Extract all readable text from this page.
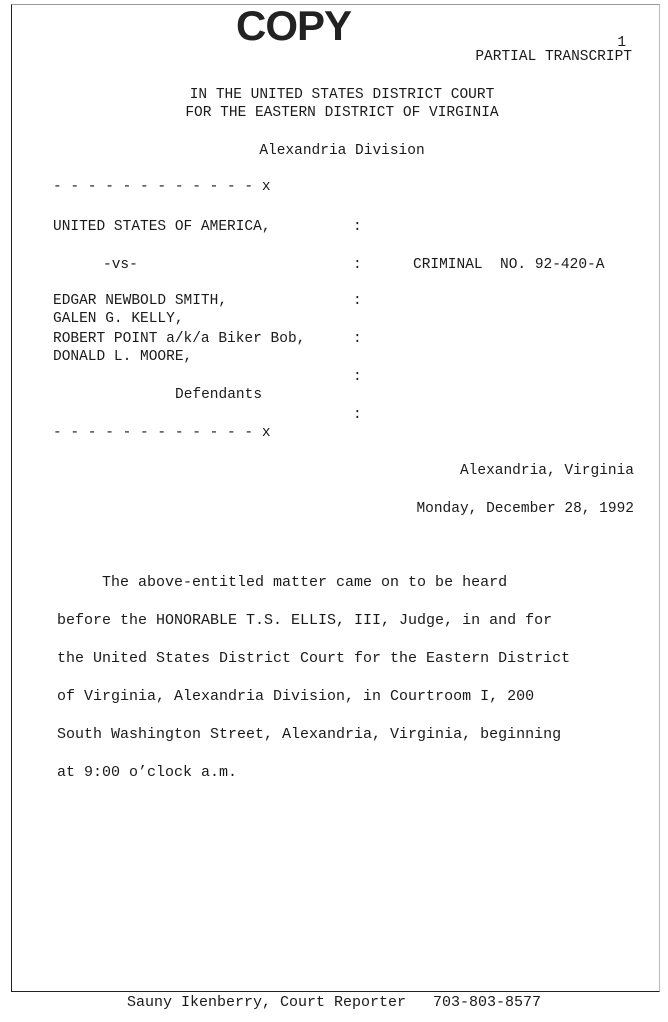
COPY	1

PARTIAL TRANSCRIPT
IN THE UNITED STATES DISTRICT COURT
FOR THE EASTERN DISTRICT OF VIRGINIA
Alexandria Division
- - - - - - - - - - - - x
UNITED STATES OF AMERICA,	:
-vs-	:	CRIMINAL  NO. 92-420-A
EDGAR NEWBOLD SMITH,	:
GALEN G. KELLY,
ROBERT POINT a/k/a Biker Bob,	:
DONALD L. MOORE,
:
Defendants
:
- - - - - - - - - - - - x
Alexandria, Virginia
Monday, December 28, 1992
The above-entitled matter came on to be heard
before the HONORABLE T.S. ELLIS, III, Judge, in and for
the United States District Court for the Eastern District
of Virginia, Alexandria Division, in Courtroom I, 200
South Washington Street, Alexandria, Virginia, beginning
at 9:00 o’clock a.m.
Sauny Ikenberry, Court Reporter   703-803-8577
